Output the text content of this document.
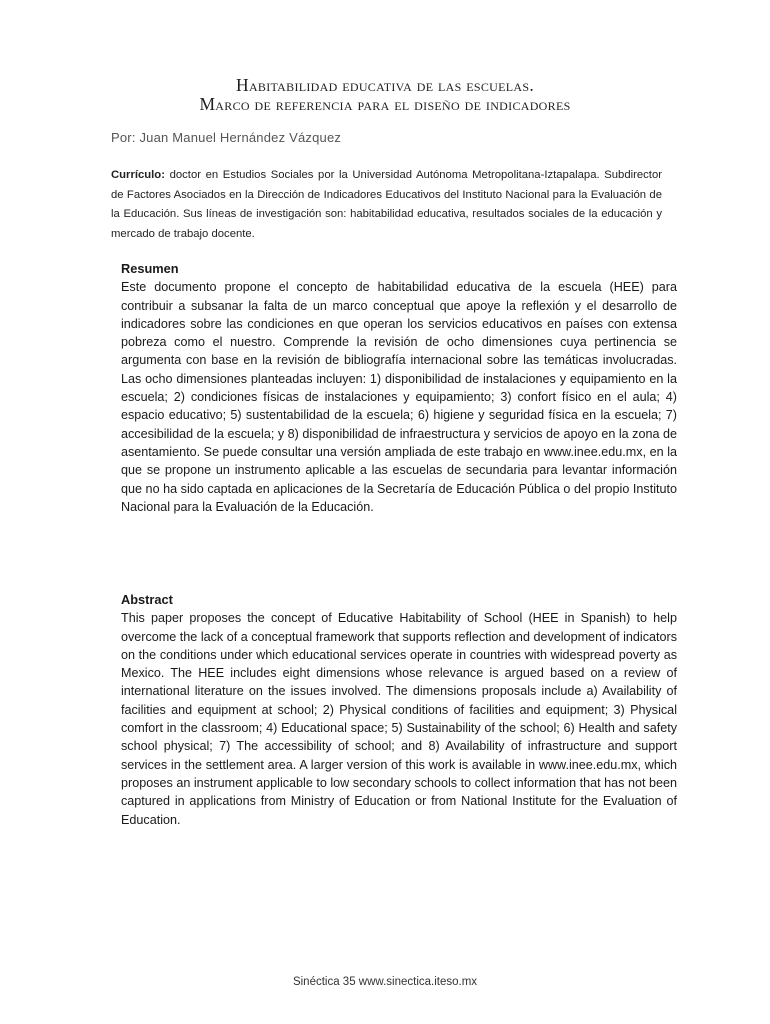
Habitabilidad educativa de las escuelas.
Marco de referencia para el diseño de indicadores
Por: Juan Manuel Hernández Vázquez
Currículo: doctor en Estudios Sociales por la Universidad Autónoma Metropolitana-Iztapalapa. Subdirector de Factores Asociados en la Dirección de Indicadores Educativos del Instituto Nacional para la Evaluación de la Educación. Sus líneas de investigación son: habitabilidad educativa, resultados sociales de la educación y mercado de trabajo docente.
Resumen

Este documento propone el concepto de habitabilidad educativa de la escuela (HEE) para contribuir a subsanar la falta de un marco conceptual que apoye la reflexión y el desarrollo de indicadores sobre las condiciones en que operan los servicios educativos en países con extensa pobreza como el nuestro. Comprende la revisión de ocho dimensiones cuya pertinencia se argumenta con base en la revisión de bibliografía internacional sobre las temáticas involucradas. Las ocho dimensiones planteadas incluyen: 1) disponibilidad de instalaciones y equipamiento en la escuela; 2) condiciones físicas de instalaciones y equipamiento; 3) confort físico en el aula; 4) espacio educativo; 5) sustentabilidad de la escuela; 6) higiene y seguridad física en la escuela; 7) accesibilidad de la escuela; y 8) disponibilidad de infraestructura y servicios de apoyo en la zona de asentamiento. Se puede consultar una versión ampliada de este trabajo en www.inee.edu.mx, en la que se propone un instrumento aplicable a las escuelas de secundaria para levantar información que no ha sido captada en aplicaciones de la Secretaría de Educación Pública o del propio Instituto Nacional para la Evaluación de la Educación.

Abstract

This paper proposes the concept of Educative Habitability of School (HEE in Spanish) to help overcome the lack of a conceptual framework that supports reflection and development of indicators on the conditions under which educational services operate in countries with widespread poverty as Mexico. The HEE includes eight dimensions whose relevance is argued based on a review of international literature on the issues involved. The dimensions proposals include a) Availability of facilities and equipment at school; 2) Physical conditions of facilities and equipment; 3) Physical comfort in the classroom; 4) Educational space; 5) Sustainability of the school; 6) Health and safety school physical; 7) The accessibility of school; and 8) Availability of infrastructure and support services in the settlement area. A larger version of this work is available in www.inee.edu.mx, which proposes an instrument applicable to low secondary schools to collect information that has not been captured in applications from Ministry of Education or from National Institute for the Evaluation of Education.

Sinéctica 35 www.sinectica.iteso.mx
